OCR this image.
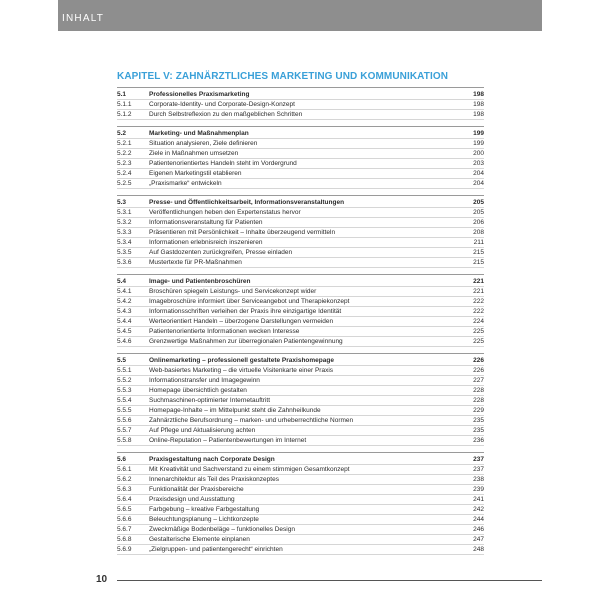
INHALT
KAPITEL V: ZAHNÄRZTLICHES MARKETING UND KOMMUNIKATION
5.1	Professionelles Praxismarketing	198
5.1.1	Corporate-Identity- und Corporate-Design-Konzept	198
5.1.2	Durch Selbstreflexion zu den maßgeblichen Schritten	198
5.2	Marketing- und Maßnahmenplan	199
5.2.1	Situation analysieren, Ziele definieren	199
5.2.2	Ziele in Maßnahmen umsetzen	200
5.2.3	Patientenorientiertes Handeln steht im Vordergrund	203
5.2.4	Eigenen Marketingstil etablieren	204
5.2.5	„Praxismarke“ entwickeln	204
5.3	Presse- und Öffentlichkeitsarbeit, Informationsveranstaltungen	205
5.3.1	Veröffentlichungen heben den Expertenstatus hervor	205
5.3.2	Informationsveranstaltung für Patienten	206
5.3.3	Präsentieren mit Persönlichkeit – Inhalte überzeugend vermitteln	208
5.3.4	Informationen erlebnisreich inszenieren	211
5.3.5	Auf Gastdozenten zurückgreifen, Presse einladen	215
5.3.6	Mustertexte für PR-Maßnahmen	215
5.4	Image- und Patientenbroschüren	221
5.4.1	Broschüren spiegeln Leistungs- und Servicekonzept wider	221
5.4.2	Imagebroschüre informiert über Serviceangebot und Therapiekonzept	222
5.4.3	Informationsschriften verleihen der Praxis ihre einzigartige Identität	222
5.4.4	Werteorientiert Handeln – überzogene Darstellungen vermeiden	224
5.4.5	Patientenorientierte Informationen wecken Interesse	225
5.4.6	Grenzwertige Maßnahmen zur überregionalen Patientengewinnung	225
5.5	Onlinemarketing – professionell gestaltete Praxishomepage	226
5.5.1	Web-basiertes Marketing – die virtuelle Visitenkarte einer Praxis	226
5.5.2	Informationstransfer und Imagegewinn	227
5.5.3	Homepage übersichtlich gestalten	228
5.5.4	Suchmaschinen-optimierter Internetauftritt	228
5.5.5	Homepage-Inhalte – im Mittelpunkt steht die Zahnheilkunde	229
5.5.6	Zahnärztliche Berufsordnung – marken- und urheberrechtliche Normen	235
5.5.7	Auf Pflege und Aktualisierung achten	235
5.5.8	Online-Reputation – Patientenbewertungen im Internet	236
5.6	Praxisgestaltung nach Corporate Design	237
5.6.1	Mit Kreativität und Sachverstand zu einem stimmigen Gesamtkonzept	237
5.6.2	Innenarchitektur als Teil des Praxiskonzeptes	238
5.6.3	Funktionalität der Praxisbereiche	239
5.6.4	Praxisdesign und Ausstattung	241
5.6.5	Farbgebung – kreative Farbgestaltung	242
5.6.6	Beleuchtungsplanung – Lichtkonzepte	244
5.6.7	Zweckmäßige Bodenbeläge – funktionelles Design	246
5.6.8	Gestalterische Elemente einplanen	247
5.6.9	„Zielgruppen- und patientengerecht“ einrichten	248
10
